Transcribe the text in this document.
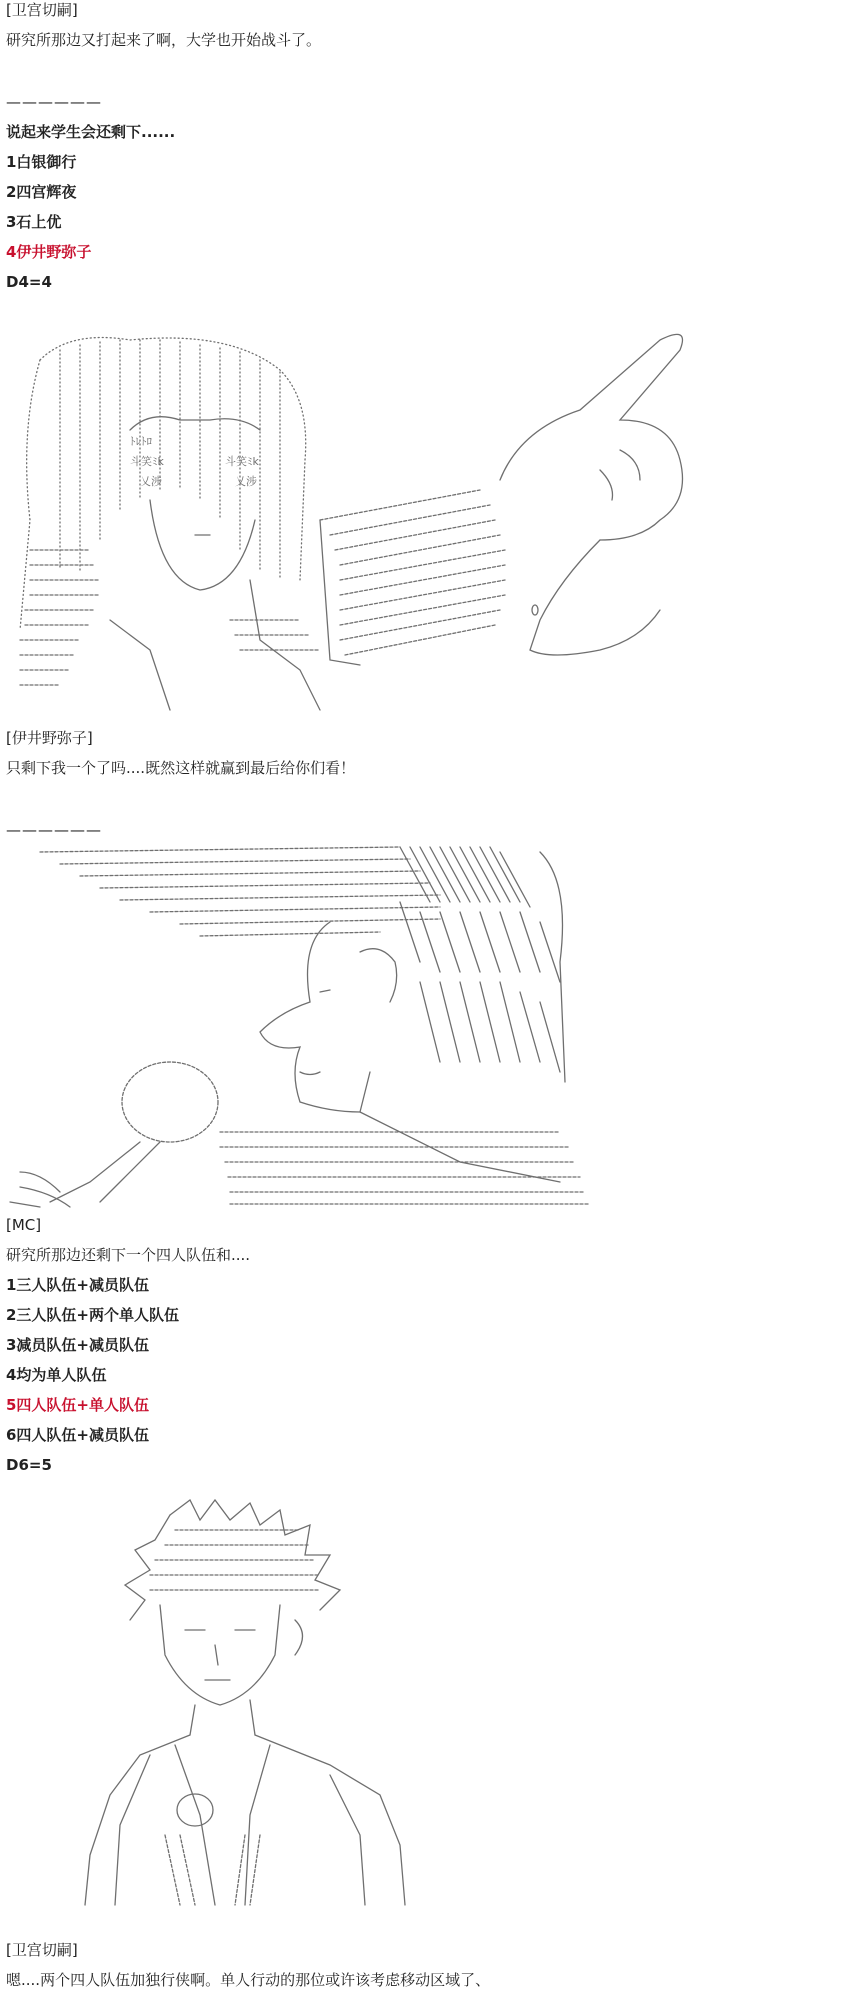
[卫宫切嗣]
研究所那边又打起来了啊，大学也开始战斗了。
——————
说起来学生会还剩下......
1白银御行
2四宫辉夜
3石上优
4伊井野弥子
D4=4
ﾄﾚﾄﾛ
斗笑ﾐk
乂涉
斗笑ﾐk
乂涉
[伊井野弥子]
只剩下我一个了吗....既然这样就赢到最后给你们看！
——————
[MC]
研究所那边还剩下一个四人队伍和....
1三人队伍+减员队伍
2三人队伍+两个单人队伍
3减员队伍+减员队伍
4均为单人队伍
5四人队伍+单人队伍
6四人队伍+减员队伍
D6=5
[卫宫切嗣]
嗯....两个四人队伍加独行侠啊。单人行动的那位或许该考虑移动区域了、
